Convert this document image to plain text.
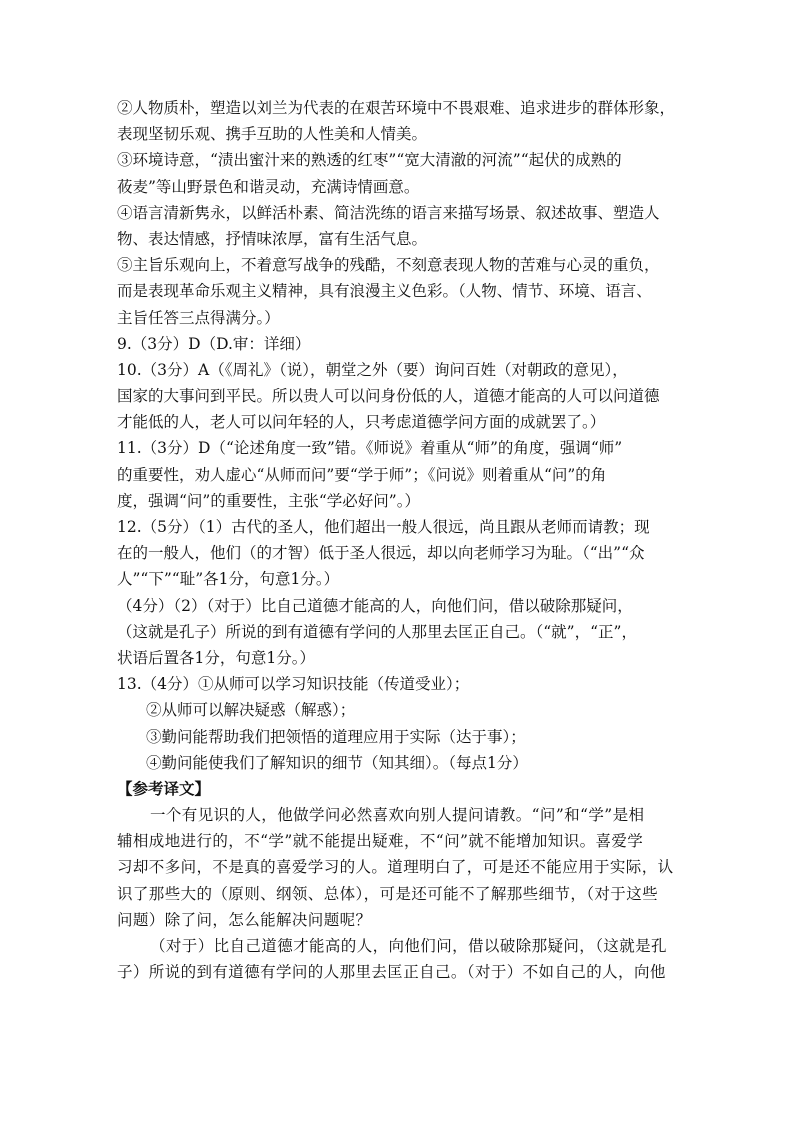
②人物质朴，塑造以刘兰为代表的在艰苦环境中不畏艰难、追求进步的群体形象，
表现坚韧乐观、携手互助的人性美和人情美。
③环境诗意，“渍出蜜汁来的熟透的红枣”“宽大清澈的河流”“起伏的成熟的
莜麦”等山野景色和谐灵动，充满诗情画意。
④语言清新隽永，以鲜活朴素、简洁洗练的语言来描写场景、叙述故事、塑造人
物、表达情感，抒情味浓厚，富有生活气息。
⑤主旨乐观向上，不着意写战争的残酷，不刻意表现人物的苦难与心灵的重负，
而是表现革命乐观主义精神，具有浪漫主义色彩。（人物、情节、环境、语言、
主旨任答三点得满分。）
9.（3分）D（D.审：详细）
10.（3分）A（《周礼》（说），朝堂之外（要）询问百姓（对朝政的意见），
国家的大事问到平民。所以贵人可以问身份低的人，道德才能高的人可以问道德
才能低的人，老人可以问年轻的人，只考虑道德学问方面的成就罢了。）
11.（3分）D（“论述角度一致”错。《师说》着重从“师”的角度，强调“师”
的重要性，劝人虚心“从师而问”要“学于师”；《问说》则着重从“问”的角
度，强调“问”的重要性，主张“学必好问”。）
12.（5分）（1）古代的圣人，他们超出一般人很远，尚且跟从老师而请教；现
在的一般人，他们（的才智）低于圣人很远，却以向老师学习为耻。（“出”“众
人”“下”“耻”各1分，句意1分。）
（4分）（2）（对于）比自己道德才能高的人，向他们问，借以破除那疑问，
（这就是孔子）所说的到有道德有学问的人那里去匡正自己。（“就”，“正”，
状语后置各1分，句意1分。）
13.（4分）①从师可以学习知识技能（传道受业）；
②从师可以解决疑惑（解惑）；
③勤问能帮助我们把领悟的道理应用于实际（达于事）；
④勤问能使我们了解知识的细节（知其细）。（每点1分）
【参考译文】
一个有见识的人，他做学问必然喜欢向别人提问请教。“问”和“学”是相
辅相成地进行的，不“学”就不能提出疑难，不“问”就不能增加知识。喜爱学
习却不多问，不是真的喜爱学习的人。道理明白了，可是还不能应用于实际，认
识了那些大的（原则、纲领、总体），可是还可能不了解那些细节，（对于这些
问题）除了问，怎么能解决问题呢？
（对于）比自己道德才能高的人，向他们问，借以破除那疑问，（这就是孔
子）所说的到有道德有学问的人那里去匡正自己。（对于）不如自己的人，向他
